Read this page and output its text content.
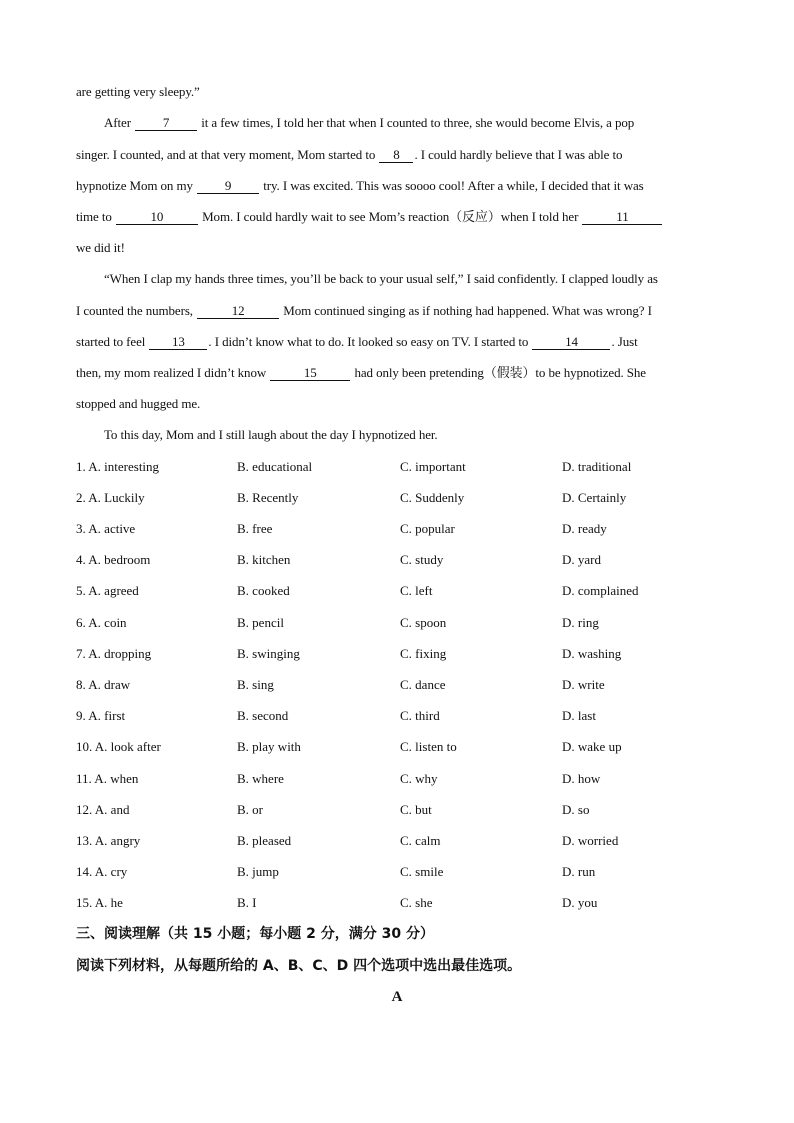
are getting very sleepy.”
After 7 it a few times, I told her that when I counted to three, she would become Elvis, a pop
singer. I counted, and at that very moment, Mom started to 8 . I could hardly believe that I was able to
hypnotize Mom on my 9 try. I was excited. This was soooo cool! After a while, I decided that it was
time to	10	Mom. I could hardly wait to see Mom’s reaction（反应）when I told her	11
we did it!
“When I clap my hands three times, you’ll be back to your usual self,” I said confidently. I clapped loudly as
I counted the numbers,	12	Mom continued singing as if nothing had happened. What was wrong? I
started to feel 13 . I didn’t know what to do. It looked so easy on TV. I started to	14	. Just
then, my mom realized I didn’t know	15	had only been pretending（假装）to be hypnotized. She
stopped and hugged me.
To this day, Mom and I still laugh about the day I hypnotized her.
1. A. interesting	B. educational	C. important	D. traditional
2. A. Luckily	B. Recently	C. Suddenly	D. Certainly
3. A. active	B. free	C. popular	D. ready
4. A. bedroom	B. kitchen	C. study	D. yard
5. A. agreed	B. cooked	C. left	D. complained
6. A. coin	B. pencil	C. spoon	D. ring
7. A. dropping	B. swinging	C. fixing	D. washing
8. A. draw	B. sing	C. dance	D. write
9. A. first	B. second	C. third	D. last
10. A. look after	B. play with	C. listen to	D. wake up
11. A. when	B. where	C. why	D. how
12. A. and	B. or	C. but	D. so
13. A. angry	B. pleased	C. calm	D. worried
14. A. cry	B. jump	C. smile	D. run
15. A. he	B. I	C. she	D. you
三、阅读理解（共 15 小题；每小题 2 分，满分 30 分）
阅读下列材料，从每题所给的 A、B、C、D 四个选项中选出最佳选项。
A
